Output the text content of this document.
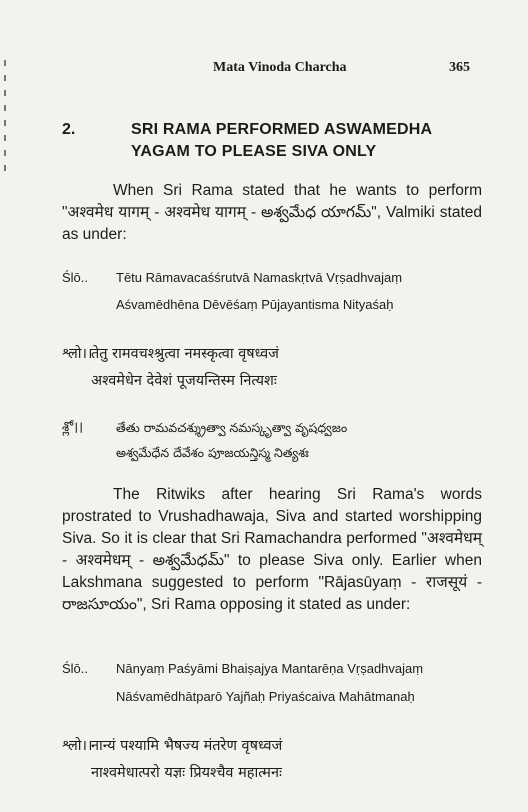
Mata Vinoda Charcha	365
2.	SRI RAMA PERFORMED ASWAMEDHA YAGAM TO PLEASE SIVA ONLY
When Sri Rama stated that he wants to perform "अश्वमेध यागम् - अश्वमेध यागम् - అశ్వమేధ యాగమ్", Valmiki stated as under:
Ślō.. Tētu Rāmavacaśśrutvā Namaskṛtvā Vṛṣadhvajaṃ
Aśvamēdhēna Dēvēśaṃ Pūjayantisma Nityaśaḥ
श्लो।।
तेतु रामवचश्श्रुत्वा नमस्कृत्वा वृषध्वजं
अश्वमेधेन देवेशं पूजयन्तिस्म नित्यशः
శ్లో।।	తేతు రామవచశ్శ్రుత్వా నమస్కృత్వా వృషధ్వజం
అశ్వమేధేన దేవేశం పూజయన్తిస్మ నిత్యశః
The Ritwiks after hearing Sri Rama's words prostrated to Vrushadhawaja, Siva and started worshipping Siva. So it is clear that Sri Ramachandra performed "अश्वमेधम् - अश्वमेधम् - అశ్వమేధమ్" to please Siva only. Earlier when Lakshmana suggested to perform "Rājasūyaṃ - राजसूयं - రాజసూయం", Sri Rama opposing it stated as under:
Ślō.. Nānyaṃ Paśyāmi Bhaiṣajya Mantarēṇa Vṛṣadhvajaṃ
Nāśvamēdhātparō Yajñaḥ Priyaścaiva Mahātmanaḥ
श्लो।।
नान्यं पश्यामि भैषज्य मंतरेण वृषध्वजं
नाश्वमेधात्परो यज्ञः प्रियश्चैव महात्मनः
